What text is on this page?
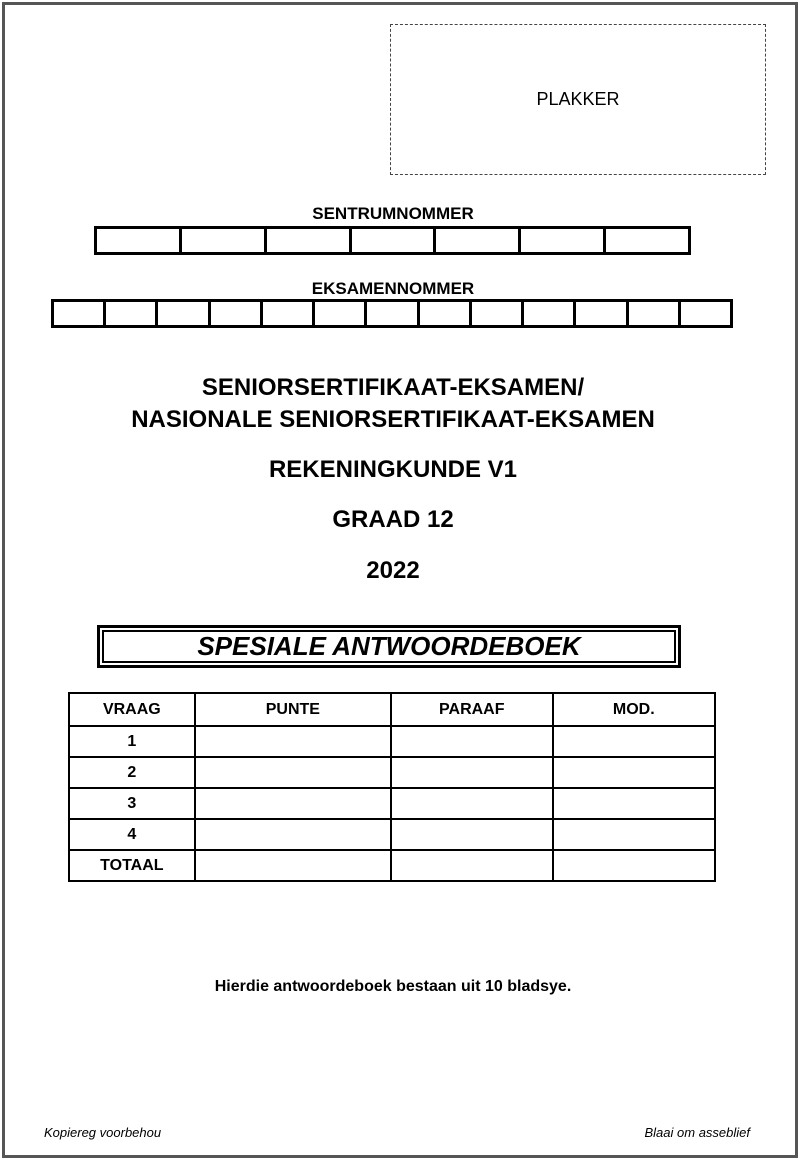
PLAKKER
SENTRUMNOMMER
EKSAMENNOMMER
SENIORSERTIFIKAAT-EKSAMEN/
NASIONALE SENIORSERTIFIKAAT-EKSAMEN
REKENINGKUNDE V1
GRAAD 12
2022
SPESIALE ANTWOORDEBOEK
VRAAG	PUNTE	PARAAF	MOD.
1			
2			
3			
4			
TOTAAL			
Hierdie antwoordeboek bestaan uit 10 bladsye.
Kopiereg voorbehou	Blaai om asseblief
